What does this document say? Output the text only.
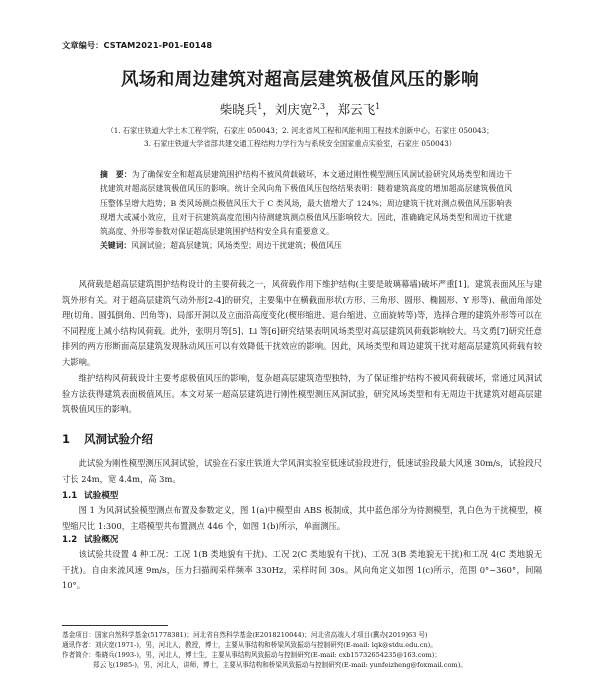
文章编号：CSTAM2021-P01-E0148
风场和周边建筑对超高层建筑极值风压的影响
柴晓兵$^1$，刘庆宽$^{2,3}$，郑云飞$^1$
（1. 石家庄铁道大学土木工程学院，石家庄 050043；2. 河北省风工程和风能利用工程技术创新中心，石家庄 050043；
3. 石家庄铁道大学省部共建交通工程结构力学行为与系统安全国家重点实验室，石家庄 050043）
摘　要：为了确保安全和超高层建筑围护结构不被风荷载破坏，本文通过刚性模型测压风洞试验研究风场类型和周边干扰建筑对超高层建筑极值风压的影响。统计全风向角下极值风压包络结果表明：随着建筑高度的增加超高层建筑极值风压整体呈增大趋势；B 类风场测点极值风压大于 C 类风场，最大值增大了 124%；周边建筑干扰对测点极值风压影响表现增大或减小效应，且对于抗建筑高度范围内待测建筑测点极值风压影响较大。因此，准确确定风场类型和周边干扰建筑高度、外形等参数对保证超高层建筑围护结构安全具有重要意义。
关键词：风洞试验；超高层建筑；风场类型；周边干扰建筑；极值风压
风荷载是超高层建筑围护结构设计的主要荷载之一，风荷载作用下维护结构(主要是玻璃幕墙)破坏严重[1]。建筑表面风压与建筑外形有关。对于超高层建筑气动外形[2-4]的研究，主要集中在横截面形状(方形、三角形、圆形、椭圆形、Y 形等)、截面角部处理(切角、圆弧倒角、凹角等)、局部开洞以及立面沿高度变化(楔形缩进、退台缩进、立面旋转等)等，选择合理的建筑外形等可以在不同程度上减小结构风荷载。此外，张明月等[5]、Li 等[6]研究结果表明风场类型对高层建筑风荷载影响较大。马文勇[7]研究任意排列的两方形断面高层建筑发现脉动风压可以有效降低干扰效应的影响。因此，风场类型和周边建筑干扰对超高层建筑风荷载有较大影响。
维护结构风荷载设计主要考虑极值风压的影响，复杂超高层建筑造型独特，为了保证维护结构不被风荷载破坏，常通过风洞试验方法获得建筑表面极值风压。本文对某一超高层建筑进行刚性模型测压风洞试验，研究风场类型和有无周边干扰建筑对超高层建筑极值风压的影响。
1 风洞试验介绍
此试验为刚性模型测压风洞试验，试验在石家庄铁道大学风洞实验室低速试验段进行，低速试验段最大风速 30m/s，试验段尺寸长 24m，宽 4.4m，高 3m。
1.1 试验模型
图 1 为风洞试验模型测点布置及参数定义，图 1(a)中模型由 ABS 板制成，其中蓝色部分为待测模型，乳白色为干扰模型，模型缩尺比 1:300，主塔模型共布置测点 446 个，如图 1(b)所示，单面测压。
1.2 试验概况
该试验共设置 4 种工况：工况 1(B 类地貌有干扰)、工况 2(C 类地貌有干扰)、工况 3(B 类地貌无干扰)和工况 4(C 类地貌无干扰)。自由来流风速 9m/s，压力扫描阀采样频率 330Hz，采样时间 30s。风向角定义如图 1(c)所示，范围 0°~360°，间隔 10°。
基金项目：国家自然科学基金(51778381)；河北省自然科学基金(E2018210044)；河北省高端人才项目(冀办[2019]63 号)
通讯作者：刘庆宽(1971-)，男，河北人，教授，博士，主要从事结构和桥梁风致振动与控制研究(E-mail: lqk@stdu.edu.cn)。
作者简介：柴晓兵(1993-)，男，河北人，博士生，主要从事结构风致振动与控制研究(E-mail: cxb15732654235@163.com)；
郑云飞(1985-)，男，河北人，讲师，博士，主要从事结构和桥梁风致振动与控制研究(E-mail: yunfeizheng@foxmail.com)。
